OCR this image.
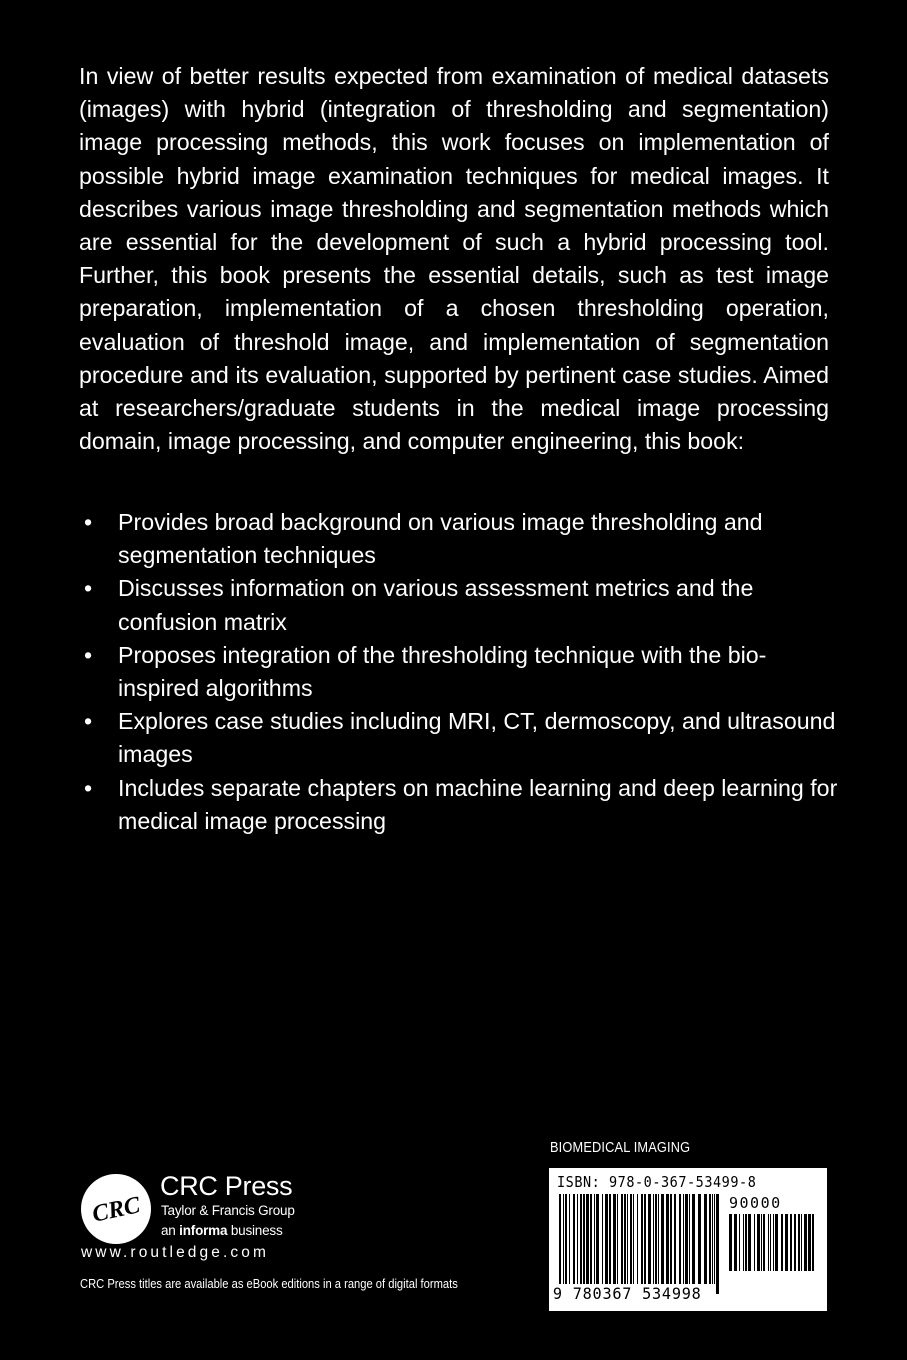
In view of better results expected from examination of medical datasets (images) with hybrid (integration of thresholding and segmentation) image processing methods, this work focuses on implementation of possible hybrid image examination techniques for medical images. It describes various image thresholding and segmentation methods which are essential for the development of such a hybrid processing tool. Further, this book presents the essential details, such as test image preparation, implementation of a chosen thresholding operation, evaluation of threshold image, and implementation of segmentation procedure and its evaluation, supported by pertinent case studies. Aimed at researchers/graduate students in the medical image processing domain, image processing, and computer engineering, this book:

• Provides broad background on various image thresholding and segmentation techniques
• Discusses information on various assessment metrics and the confusion matrix
• Proposes integration of the thresholding technique with the bio-inspired algorithms
• Explores case studies including MRI, CT, dermoscopy, and ultrasound images
• Includes separate chapters on machine learning and deep learning for medical image processing
BIOMEDICAL IMAGING
ISBN: 978-0-367-53499-8
90000
9 780367 534998
CRC
CRC Press
Taylor & Francis Group
an informa business
www.routledge.com
CRC Press titles are available as eBook editions in a range of digital formats
